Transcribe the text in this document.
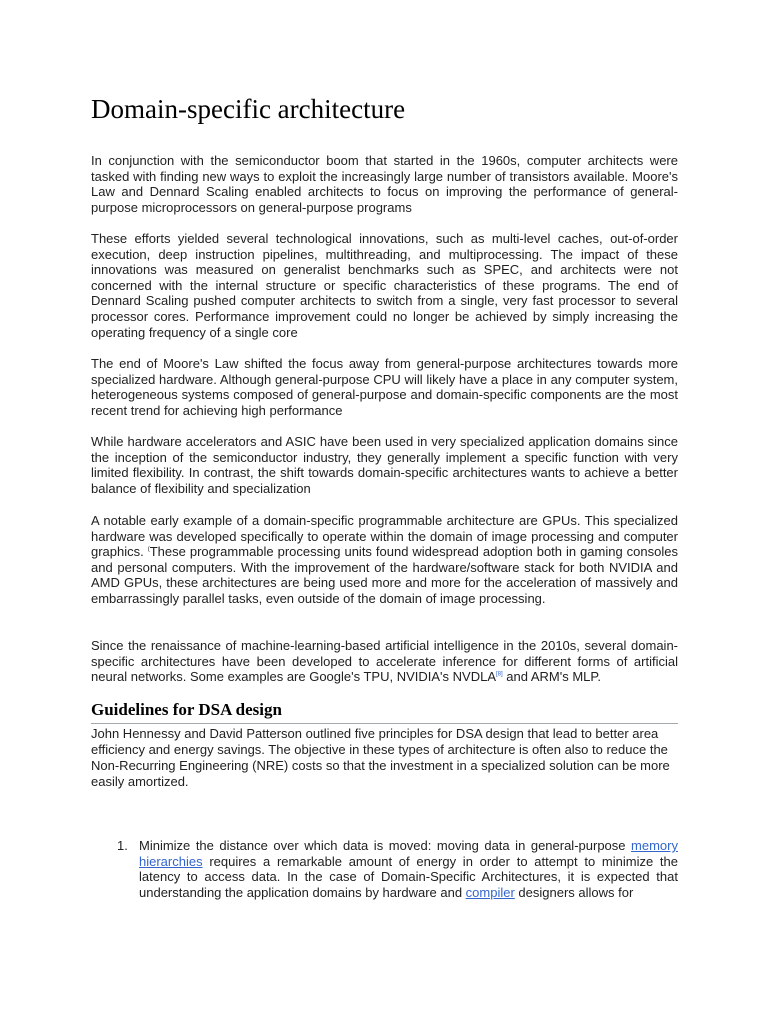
Domain-specific architecture

In conjunction with the semiconductor boom that started in the 1960s, computer architects were tasked with finding new ways to exploit the increasingly large number of transistors available. Moore's Law and Dennard Scaling enabled architects to focus on improving the performance of general-purpose microprocessors on general-purpose programs

These efforts yielded several technological innovations, such as multi-level caches, out-of-order execution, deep instruction pipelines, multithreading, and multiprocessing. The impact of these innovations was measured on generalist benchmarks such as SPEC, and architects were not concerned with the internal structure or specific characteristics of these programs. The end of Dennard Scaling pushed computer architects to switch from a single, very fast processor to several processor cores. Performance improvement could no longer be achieved by simply increasing the operating frequency of a single core

The end of Moore's Law shifted the focus away from general-purpose architectures towards more specialized hardware. Although general-purpose CPU will likely have a place in any computer system, heterogeneous systems composed of general-purpose and domain-specific components are the most recent trend for achieving high performance

While hardware accelerators and ASIC have been used in very specialized application domains since the inception of the semiconductor industry, they generally implement a specific function with very limited flexibility. In contrast, the shift towards domain-specific architectures wants to achieve a better balance of flexibility and specialization

A notable early example of a domain-specific programmable architecture are GPUs. This specialized hardware was developed specifically to operate within the domain of image processing and computer graphics. (These programmable processing units found widespread adoption both in gaming consoles and personal computers. With the improvement of the hardware/software stack for both NVIDIA and AMD GPUs, these architectures are being used more and more for the acceleration of massively and embarrassingly parallel tasks, even outside of the domain of image processing.

Since the renaissance of machine-learning-based artificial intelligence in the 2010s, several domain-specific architectures have been developed to accelerate inference for different forms of artificial neural networks. Some examples are Google's TPU, NVIDIA's NVDLA[8] and ARM's MLP.

Guidelines for DSA design

John Hennessy and David Patterson outlined five principles for DSA design that lead to better area efficiency and energy savings. The objective in these types of architecture is often also to reduce the Non-Recurring Engineering (NRE) costs so that the investment in a specialized solution can be more easily amortized.

1. Minimize the distance over which data is moved: moving data in general-purpose memory hierarchies requires a remarkable amount of energy in order to attempt to minimize the latency to access data. In the case of Domain-Specific Architectures, it is expected that understanding the application domains by hardware and compiler designers allows for
